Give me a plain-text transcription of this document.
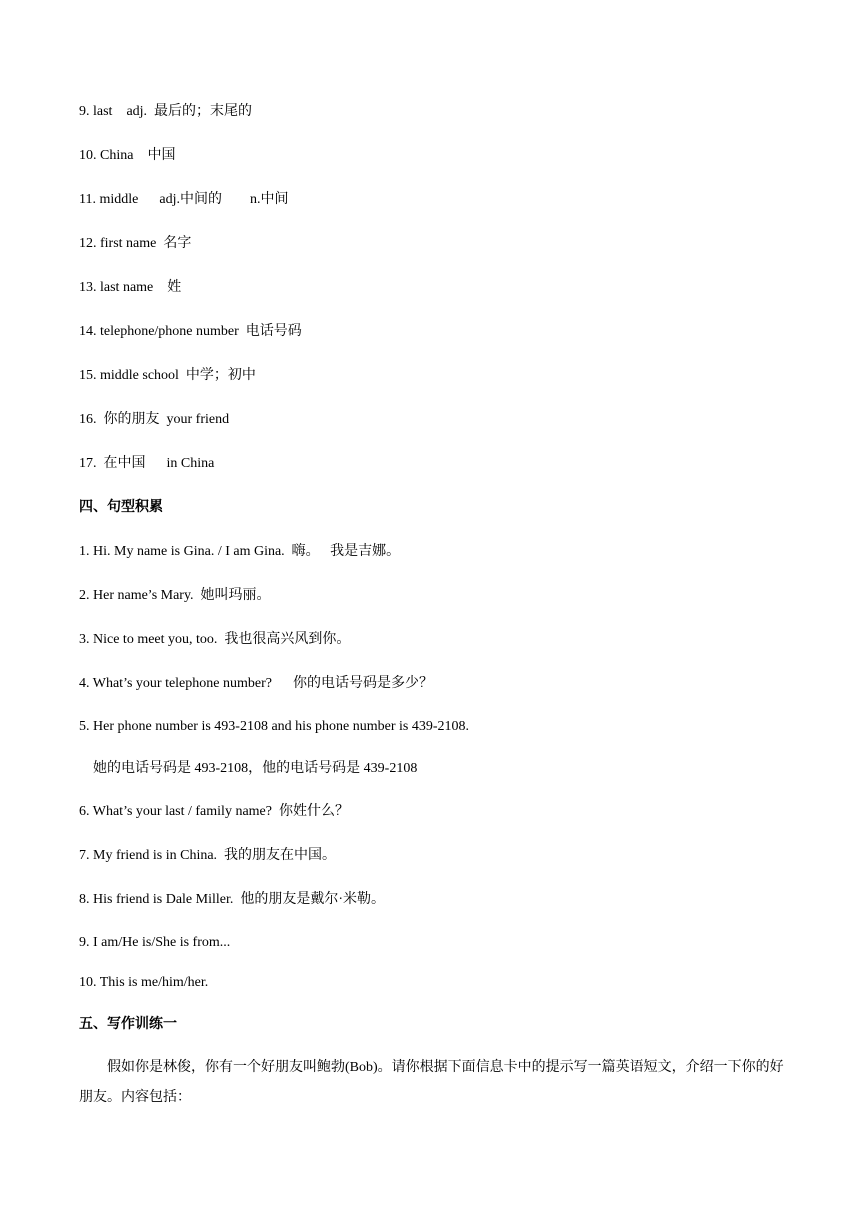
9. last    adj.  最后的；末尾的
10. China    中国
11. middle      adj.中间的        n.中间
12. first name  名字
13. last name    姓
14. telephone/phone number  电话号码
15. middle school  中学；初中
16.  你的朋友  your friend
17.  在中国      in China
四、句型积累
1. Hi. My name is Gina. / I am Gina.  嗨。   我是吉娜。
2. Her name’s Mary.  她叫玛丽。
3. Nice to meet you, too.  我也很高兴风到你。
4. What’s your telephone number?      你的电话号码是多少？
5. Her phone number is 493-2108 and his phone number is 439-2108.
她的电话号码是 493-2108，他的电话号码是 439-2108
6. What’s your last / family name?  你姓什么？
7. My friend is in China.  我的朋友在中国。
8. His friend is Dale Miller.  他的朋友是戴尔·米勒。
9. I am/He is/She is from...
10. This is me/him/her.
五、写作训练一
假如你是林俊，你有一个好朋友叫鲍勃(Bob)。请你根据下面信息卡中的提示写一篇英语短文，介绍一下你的好朋友。内容包括：
